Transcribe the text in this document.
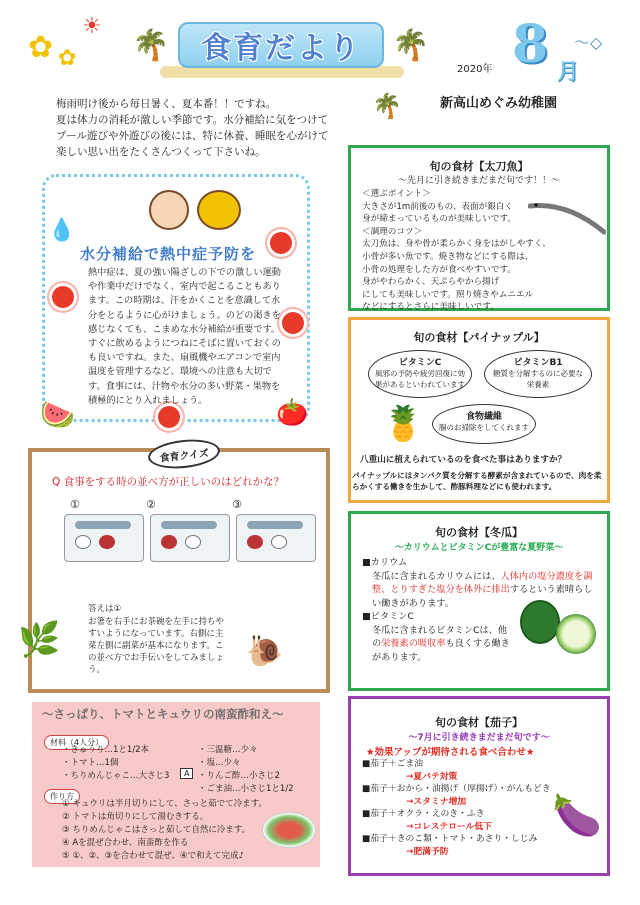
✿ ✿
☀
🌴	食育だより	🌴
2020年 8 月
〜◇
🌴	新高山めぐみ幼稚園
梅雨明け後から毎日暑く、夏本番！！ですね。
夏は体力の消耗が激しい季節です。水分補給に気をつけて
プール遊びや外遊びの後には、特に休養、睡眠を心がけて
楽しい思い出をたくさんつくって下さいね。
💧
水分補給で熱中症予防を
熱中症は、夏の強い陽ざしの下での激しい運動や作業中だけでなく、室内で起こることもあります。この時期は、汗をかくことを意識して水分をとるように心がけましょう。のどの渇きを感じなくても、こまめな水分補給が重要です。すぐに飲めるようにつねにそばに置いておくのも良いですね。また、扇風機やエアコンで室内温度を管理するなど、環境への注意も大切です。食事には、汁物や水分の多い野菜・果物を積極的にとり入れましょう。
🍉	🍅
食育クイズ
Q 食事をする時の並べ方が正しいのはどれかな？
①	②	③
答えは①
お箸を右手にお茶碗を左手に持ちやすいようになっています。右側に主菜左側に副菜が基本になります。この並べ方でお手伝いをしてみましょう。
🐌
🌿
～さっぱり、トマトとキュウリの南蛮酢和え～
材料（4人分）
・きゅうり…1と1/2本
・トマト…1個
・ちりめんじゃこ…大さじ3	A
・三温糖…少々
・塩…少々
・りんご酢…小さじ2
・ごま油…小さじ1と1/2
作り方
① キュウリは半月切りにして、さっと茹でて冷ます。
② トマトは角切りにして湯むきする。
③ ちりめんじゃこはさっと茹して自然に冷ます。
④ Aを混ぜ合わせ、南蛮酢を作る
⑤ ①、②、③を合わせて混ぜ、④で和えて完成♪
旬の食材【太刀魚】
～先月に引き続きまだまだ旬です！！～
＜選ぶポイント＞
大きさが1m前後のもの、表面が銀白く
身が締まっているものが美味しいです。
＜調理のコツ＞
太刀魚は、身や骨が柔らかく身をはがしやすく、
小骨が多い魚です。焼き物などにする際は、
小骨の処理をした方が食べやすいです。
身がやわらかく、天ぷらやから揚げ
にしても美味しいです。照り焼きやムニエル
などにするとさらに美味しいです。
旬の食材【パイナップル】
ビタミンC
風邪の予防や疲労回復に効果があるといわれています
ビタミンB1
糖質を分解するのに必要な栄養素
食物繊維
腸のお掃除をしてくれます
🍍
八重山に植えられているのを食べた事はありますか？
パイナップルにはタンパク質を分解する酵素が含まれているので、肉を柔らかくする働きを生かして、酢豚料理などにも使われます。
旬の食材【冬瓜】
～カリウムとビタミンCが豊富な夏野菜～
■カリウム
冬瓜に含まれるカリウムには、人体内の塩分濃度を調整、とりすぎた塩分を体外に排出するという素晴らしい働きがあります。
■ビタミンC
冬瓜に含まれるビタミンCは、他の栄養素の吸収率も良くする働きがあります。
旬の食材【茄子】
～7月に引き続きまだまだ旬です～
★効果アップが期待される食べ合わせ★
■茄子＋ごま油
→夏バテ対策
■茄子＋おから・油揚げ（厚揚げ）・がんもどき
→スタミナ増加
■茄子＋オクラ・えのき・ふき
→コレステロール低下
■茄子＋きのこ類・トマト・あさり・しじみ
→肥満予防
🍆
